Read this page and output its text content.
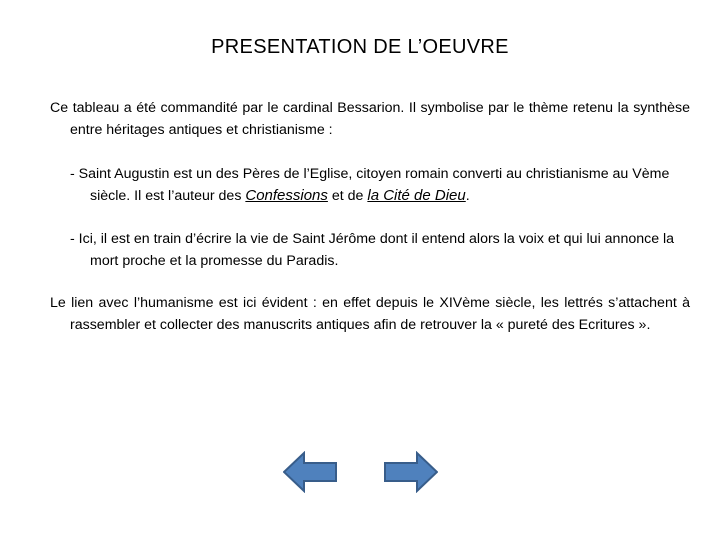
PRESENTATION DE L’OEUVRE
Ce tableau a été commandité par le cardinal Bessarion. Il symbolise par le thème retenu la synthèse entre héritages antiques et christianisme :
- Saint Augustin est un des Pères de l’Eglise, citoyen romain converti au christianisme au Vème siècle. Il est l’auteur des Confessions et de la Cité de Dieu.
- Ici, il est en train d’écrire la vie de Saint Jérôme dont il entend alors la voix et qui lui annonce la mort proche et la promesse du Paradis.
Le lien avec l’humanisme est ici évident : en effet depuis le XIVème siècle, les lettrés s’attachent à rassembler et collecter des manuscrits antiques afin de retrouver la « pureté des Ecritures ».
